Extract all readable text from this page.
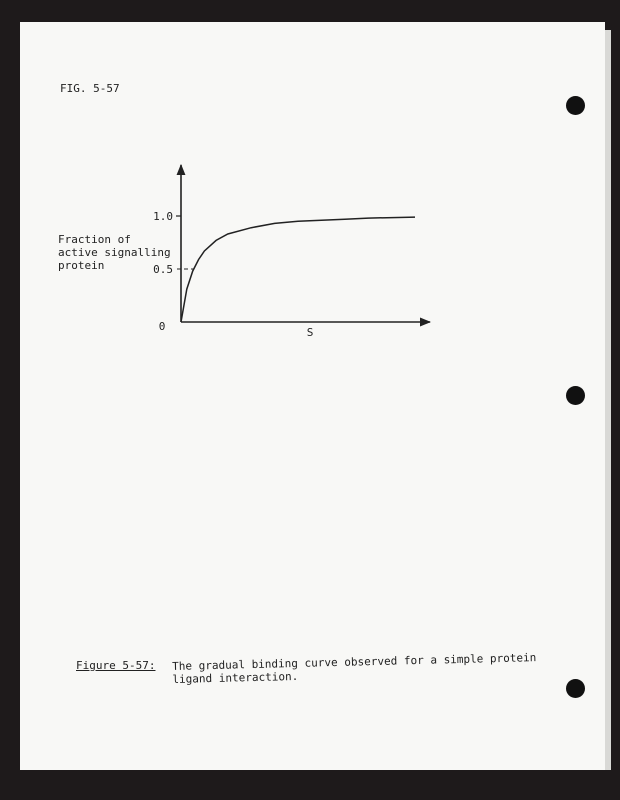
FIG. 5-57
1.0
0.5
0	S
Fraction of
active signalling
protein
Figure 5-57: The gradual binding curve observed for a simple protein
ligand interaction.
